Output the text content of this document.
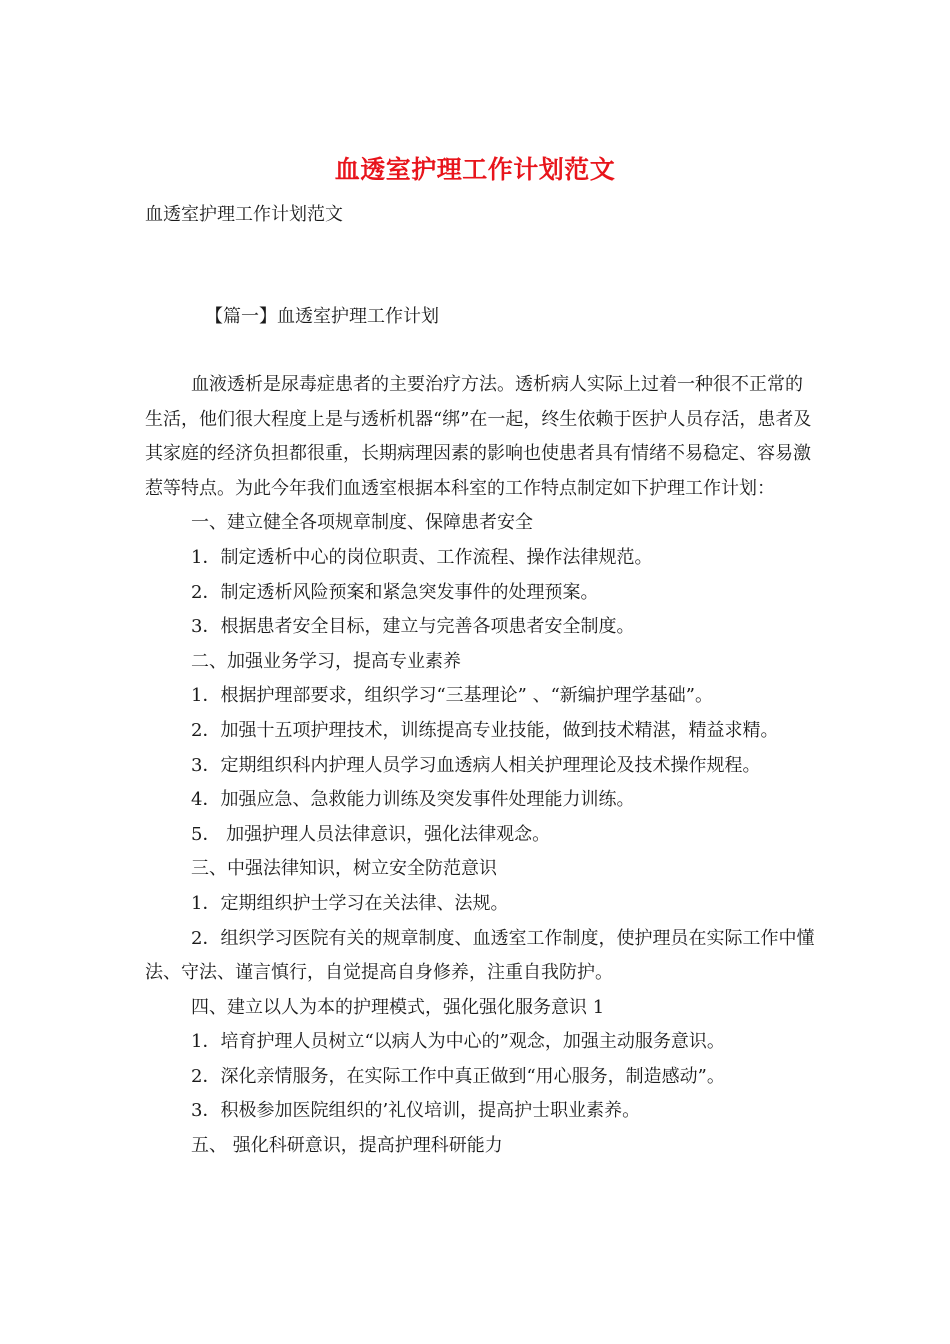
血透室护理工作计划范文
血透室护理工作计划范文
【篇一】血透室护理工作计划

血液透析是尿毒症患者的主要治疗方法。透析病人实际上过着一种很不正常的生活，他们很大程度上是与透析机器“绑”在一起，终生依赖于医护人员存活，患者及其家庭的经济负担都很重，长期病理因素的影响也使患者具有情绪不易稳定、容易激惹等特点。为此今年我们血透室根据本科室的工作特点制定如下护理工作计划：

一、建立健全各项规章制度、保障患者安全

1．制定透析中心的岗位职责、工作流程、操作法律规范。

2．制定透析风险预案和紧急突发事件的处理预案。

3．根据患者安全目标，建立与完善各项患者安全制度。

二、加强业务学习，提高专业素养

1．根据护理部要求，组织学习“三基理论” 、“新编护理学基础”。

2．加强十五项护理技术，训练提高专业技能，做到技术精湛，精益求精。

3．定期组织科内护理人员学习血透病人相关护理理论及技术操作规程。

4．加强应急、急救能力训练及突发事件处理能力训练。

5． 加强护理人员法律意识，强化法律观念。

三、中强法律知识，树立安全防范意识

1．定期组织护士学习在关法律、法规。

2．组织学习医院有关的规章制度、血透室工作制度，使护理员在实际工作中懂法、守法、谨言慎行，自觉提高自身修养，注重自我防护。

四、建立以人为本的护理模式，强化强化服务意识 1

1．培育护理人员树立“以病人为中心的”观念，加强主动服务意识。

2．深化亲情服务，在实际工作中真正做到“用心服务，制造感动”。

3．积极参加医院组织的’礼仪培训，提高护士职业素养。

五、 强化科研意识，提高护理科研能力
